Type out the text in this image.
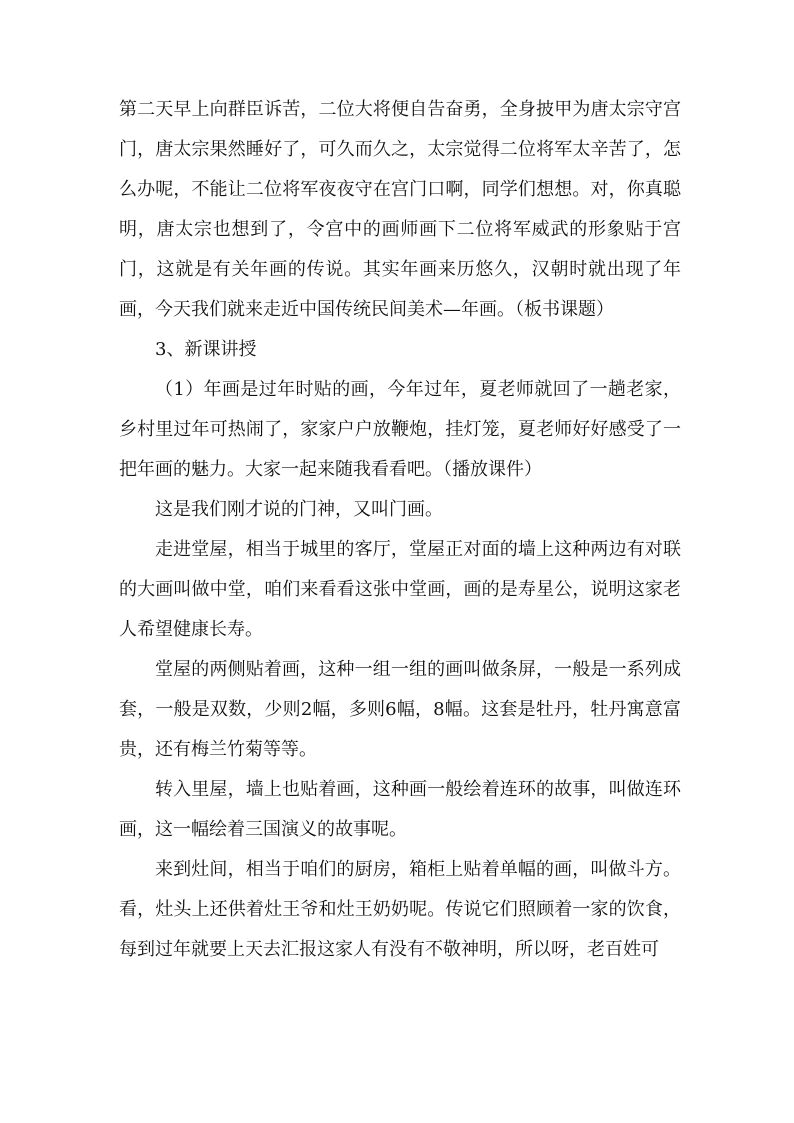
第二天早上向群臣诉苦，二位大将便自告奋勇，全身披甲为唐太宗守宫门，唐太宗果然睡好了，可久而久之，太宗觉得二位将军太辛苦了，怎么办呢，不能让二位将军夜夜守在宫门口啊，同学们想想。对，你真聪明，唐太宗也想到了，令宫中的画师画下二位将军威武的形象贴于宫门，这就是有关年画的传说。其实年画来历悠久，汉朝时就出现了年画，今天我们就来走近中国传统民间美术—年画。（板书课题）

3、新课讲授

（1）年画是过年时贴的画，今年过年，夏老师就回了一趟老家，乡村里过年可热闹了，家家户户放鞭炮，挂灯笼，夏老师好好感受了一把年画的魅力。大家一起来随我看看吧。（播放课件）

这是我们刚才说的门神，又叫门画。

走进堂屋，相当于城里的客厅，堂屋正对面的墙上这种两边有对联的大画叫做中堂，咱们来看看这张中堂画，画的是寿星公，说明这家老人希望健康长寿。

堂屋的两侧贴着画，这种一组一组的画叫做条屏，一般是一系列成套，一般是双数，少则2幅，多则6幅，8幅。这套是牡丹，牡丹寓意富贵，还有梅兰竹菊等等。

转入里屋，墙上也贴着画，这种画一般绘着连环的故事，叫做连环画，这一幅绘着三国演义的故事呢。

来到灶间，相当于咱们的厨房，箱柜上贴着单幅的画，叫做斗方。看，灶头上还供着灶王爷和灶王奶奶呢。传说它们照顾着一家的饮食，每到过年就要上天去汇报这家人有没有不敬神明，所以呀，老百姓可
